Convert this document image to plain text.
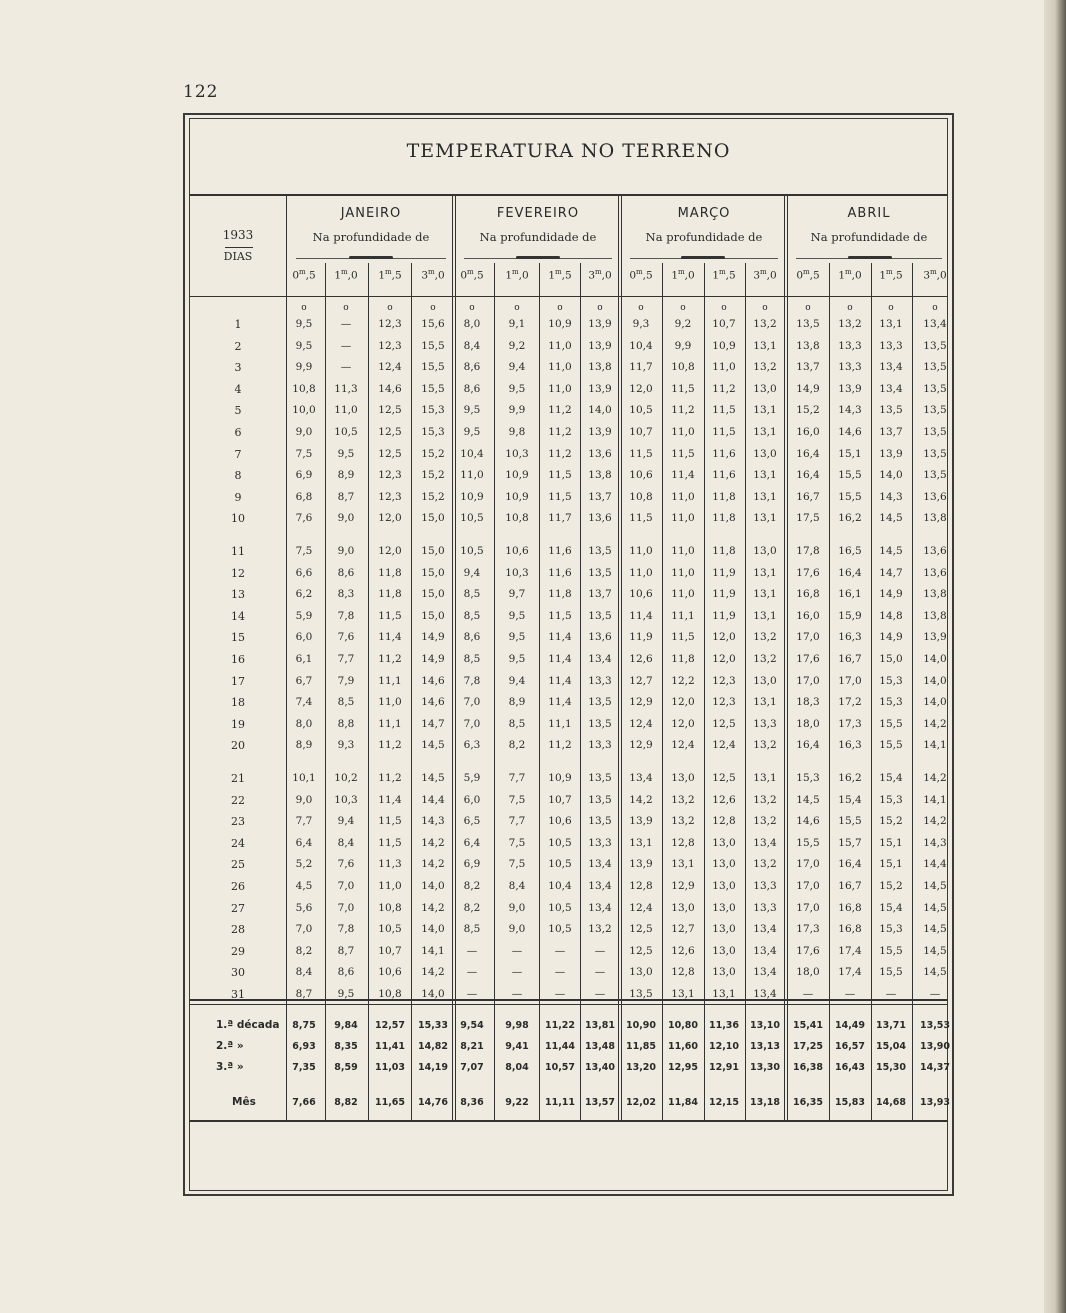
122
TEMPERATURA NO TERRENO
1933
DIAS
JANEIRO
Na profundidade de
0$^m$,5	1$^m$,0	1$^m$,5	3$^m$,0
FEVEREIRO
Na profundidade de
0$^m$,5	1$^m$,0	1$^m$,5	3$^m$,0
MARÇO
Na profundidade de
0$^m$,5	1$^m$,0	1$^m$,5	3$^m$,0
ABRIL
Na profundidade de
0$^m$,5	1$^m$,0	1$^m$,5	3$^m$,0
o	o	o	o	o	o	o	o	o	o	o	o	o	o	o	o
1	9,5	—	12,3	15,6	8,0	9,1	10,9	13,9	9,3	9,2	10,7	13,2	13,5	13,2	13,1	13,4
2	9,5	—	12,3	15,5	8,4	9,2	11,0	13,9	10,4	9,9	10,9	13,1	13,8	13,3	13,3	13,5
3	9,9	—	12,4	15,5	8,6	9,4	11,0	13,8	11,7	10,8	11,0	13,2	13,7	13,3	13,4	13,5
4	10,8	11,3	14,6	15,5	8,6	9,5	11,0	13,9	12,0	11,5	11,2	13,0	14,9	13,9	13,4	13,5
5	10,0	11,0	12,5	15,3	9,5	9,9	11,2	14,0	10,5	11,2	11,5	13,1	15,2	14,3	13,5	13,5
6	9,0	10,5	12,5	15,3	9,5	9,8	11,2	13,9	10,7	11,0	11,5	13,1	16,0	14,6	13,7	13,5
7	7,5	9,5	12,5	15,2	10,4	10,3	11,2	13,6	11,5	11,5	11,6	13,0	16,4	15,1	13,9	13,5
8	6,9	8,9	12,3	15,2	11,0	10,9	11,5	13,8	10,6	11,4	11,6	13,1	16,4	15,5	14,0	13,5
9	6,8	8,7	12,3	15,2	10,9	10,9	11,5	13,7	10,8	11,0	11,8	13,1	16,7	15,5	14,3	13,6
10	7,6	9,0	12,0	15,0	10,5	10,8	11,7	13,6	11,5	11,0	11,8	13,1	17,5	16,2	14,5	13,8
11	7,5	9,0	12,0	15,0	10,5	10,6	11,6	13,5	11,0	11,0	11,8	13,0	17,8	16,5	14,5	13,6
12	6,6	8,6	11,8	15,0	9,4	10,3	11,6	13,5	11,0	11,0	11,9	13,1	17,6	16,4	14,7	13,6
13	6,2	8,3	11,8	15,0	8,5	9,7	11,8	13,7	10,6	11,0	11,9	13,1	16,8	16,1	14,9	13,8
14	5,9	7,8	11,5	15,0	8,5	9,5	11,5	13,5	11,4	11,1	11,9	13,1	16,0	15,9	14,8	13,8
15	6,0	7,6	11,4	14,9	8,6	9,5	11,4	13,6	11,9	11,5	12,0	13,2	17,0	16,3	14,9	13,9
16	6,1	7,7	11,2	14,9	8,5	9,5	11,4	13,4	12,6	11,8	12,0	13,2	17,6	16,7	15,0	14,0
17	6,7	7,9	11,1	14,6	7,8	9,4	11,4	13,3	12,7	12,2	12,3	13,0	17,0	17,0	15,3	14,0
18	7,4	8,5	11,0	14,6	7,0	8,9	11,4	13,5	12,9	12,0	12,3	13,1	18,3	17,2	15,3	14,0
19	8,0	8,8	11,1	14,7	7,0	8,5	11,1	13,5	12,4	12,0	12,5	13,3	18,0	17,3	15,5	14,2
20	8,9	9,3	11,2	14,5	6,3	8,2	11,2	13,3	12,9	12,4	12,4	13,2	16,4	16,3	15,5	14,1
21	10,1	10,2	11,2	14,5	5,9	7,7	10,9	13,5	13,4	13,0	12,5	13,1	15,3	16,2	15,4	14,2
22	9,0	10,3	11,4	14,4	6,0	7,5	10,7	13,5	14,2	13,2	12,6	13,2	14,5	15,4	15,3	14,1
23	7,7	9,4	11,5	14,3	6,5	7,7	10,6	13,5	13,9	13,2	12,8	13,2	14,6	15,5	15,2	14,2
24	6,4	8,4	11,5	14,2	6,4	7,5	10,5	13,3	13,1	12,8	13,0	13,4	15,5	15,7	15,1	14,3
25	5,2	7,6	11,3	14,2	6,9	7,5	10,5	13,4	13,9	13,1	13,0	13,2	17,0	16,4	15,1	14,4
26	4,5	7,0	11,0	14,0	8,2	8,4	10,4	13,4	12,8	12,9	13,0	13,3	17,0	16,7	15,2	14,5
27	5,6	7,0	10,8	14,2	8,2	9,0	10,5	13,4	12,4	13,0	13,0	13,3	17,0	16,8	15,4	14,5
28	7,0	7,8	10,5	14,0	8,5	9,0	10,5	13,2	12,5	12,7	13,0	13,4	17,3	16,8	15,3	14,5
29	8,2	8,7	10,7	14,1	—	—	—	—	12,5	12,6	13,0	13,4	17,6	17,4	15,5	14,5
30	8,4	8,6	10,6	14,2	—	—	—	—	13,0	12,8	13,0	13,4	18,0	17,4	15,5	14,5
31	8,7	9,5	10,8	14,0	—	—	—	—	13,5	13,1	13,1	13,4	—	—	—	—
1.ª década	8,75	9,84	12,57	15,33	9,54	9,98	11,22	13,81	10,90	10,80	11,36	13,10	15,41	14,49	13,71	13,53
2.ª »	6,93	8,35	11,41	14,82	8,21	9,41	11,44	13,48	11,85	11,60	12,10	13,13	17,25	16,57	15,04	13,90
3.ª »	7,35	8,59	11,03	14,19	7,07	8,04	10,57	13,40	13,20	12,95	12,91	13,30	16,38	16,43	15,30	14,37
Mês	7,66	8,82	11,65	14,76	8,36	9,22	11,11	13,57	12,02	11,84	12,15	13,18	16,35	15,83	14,68	13,93
